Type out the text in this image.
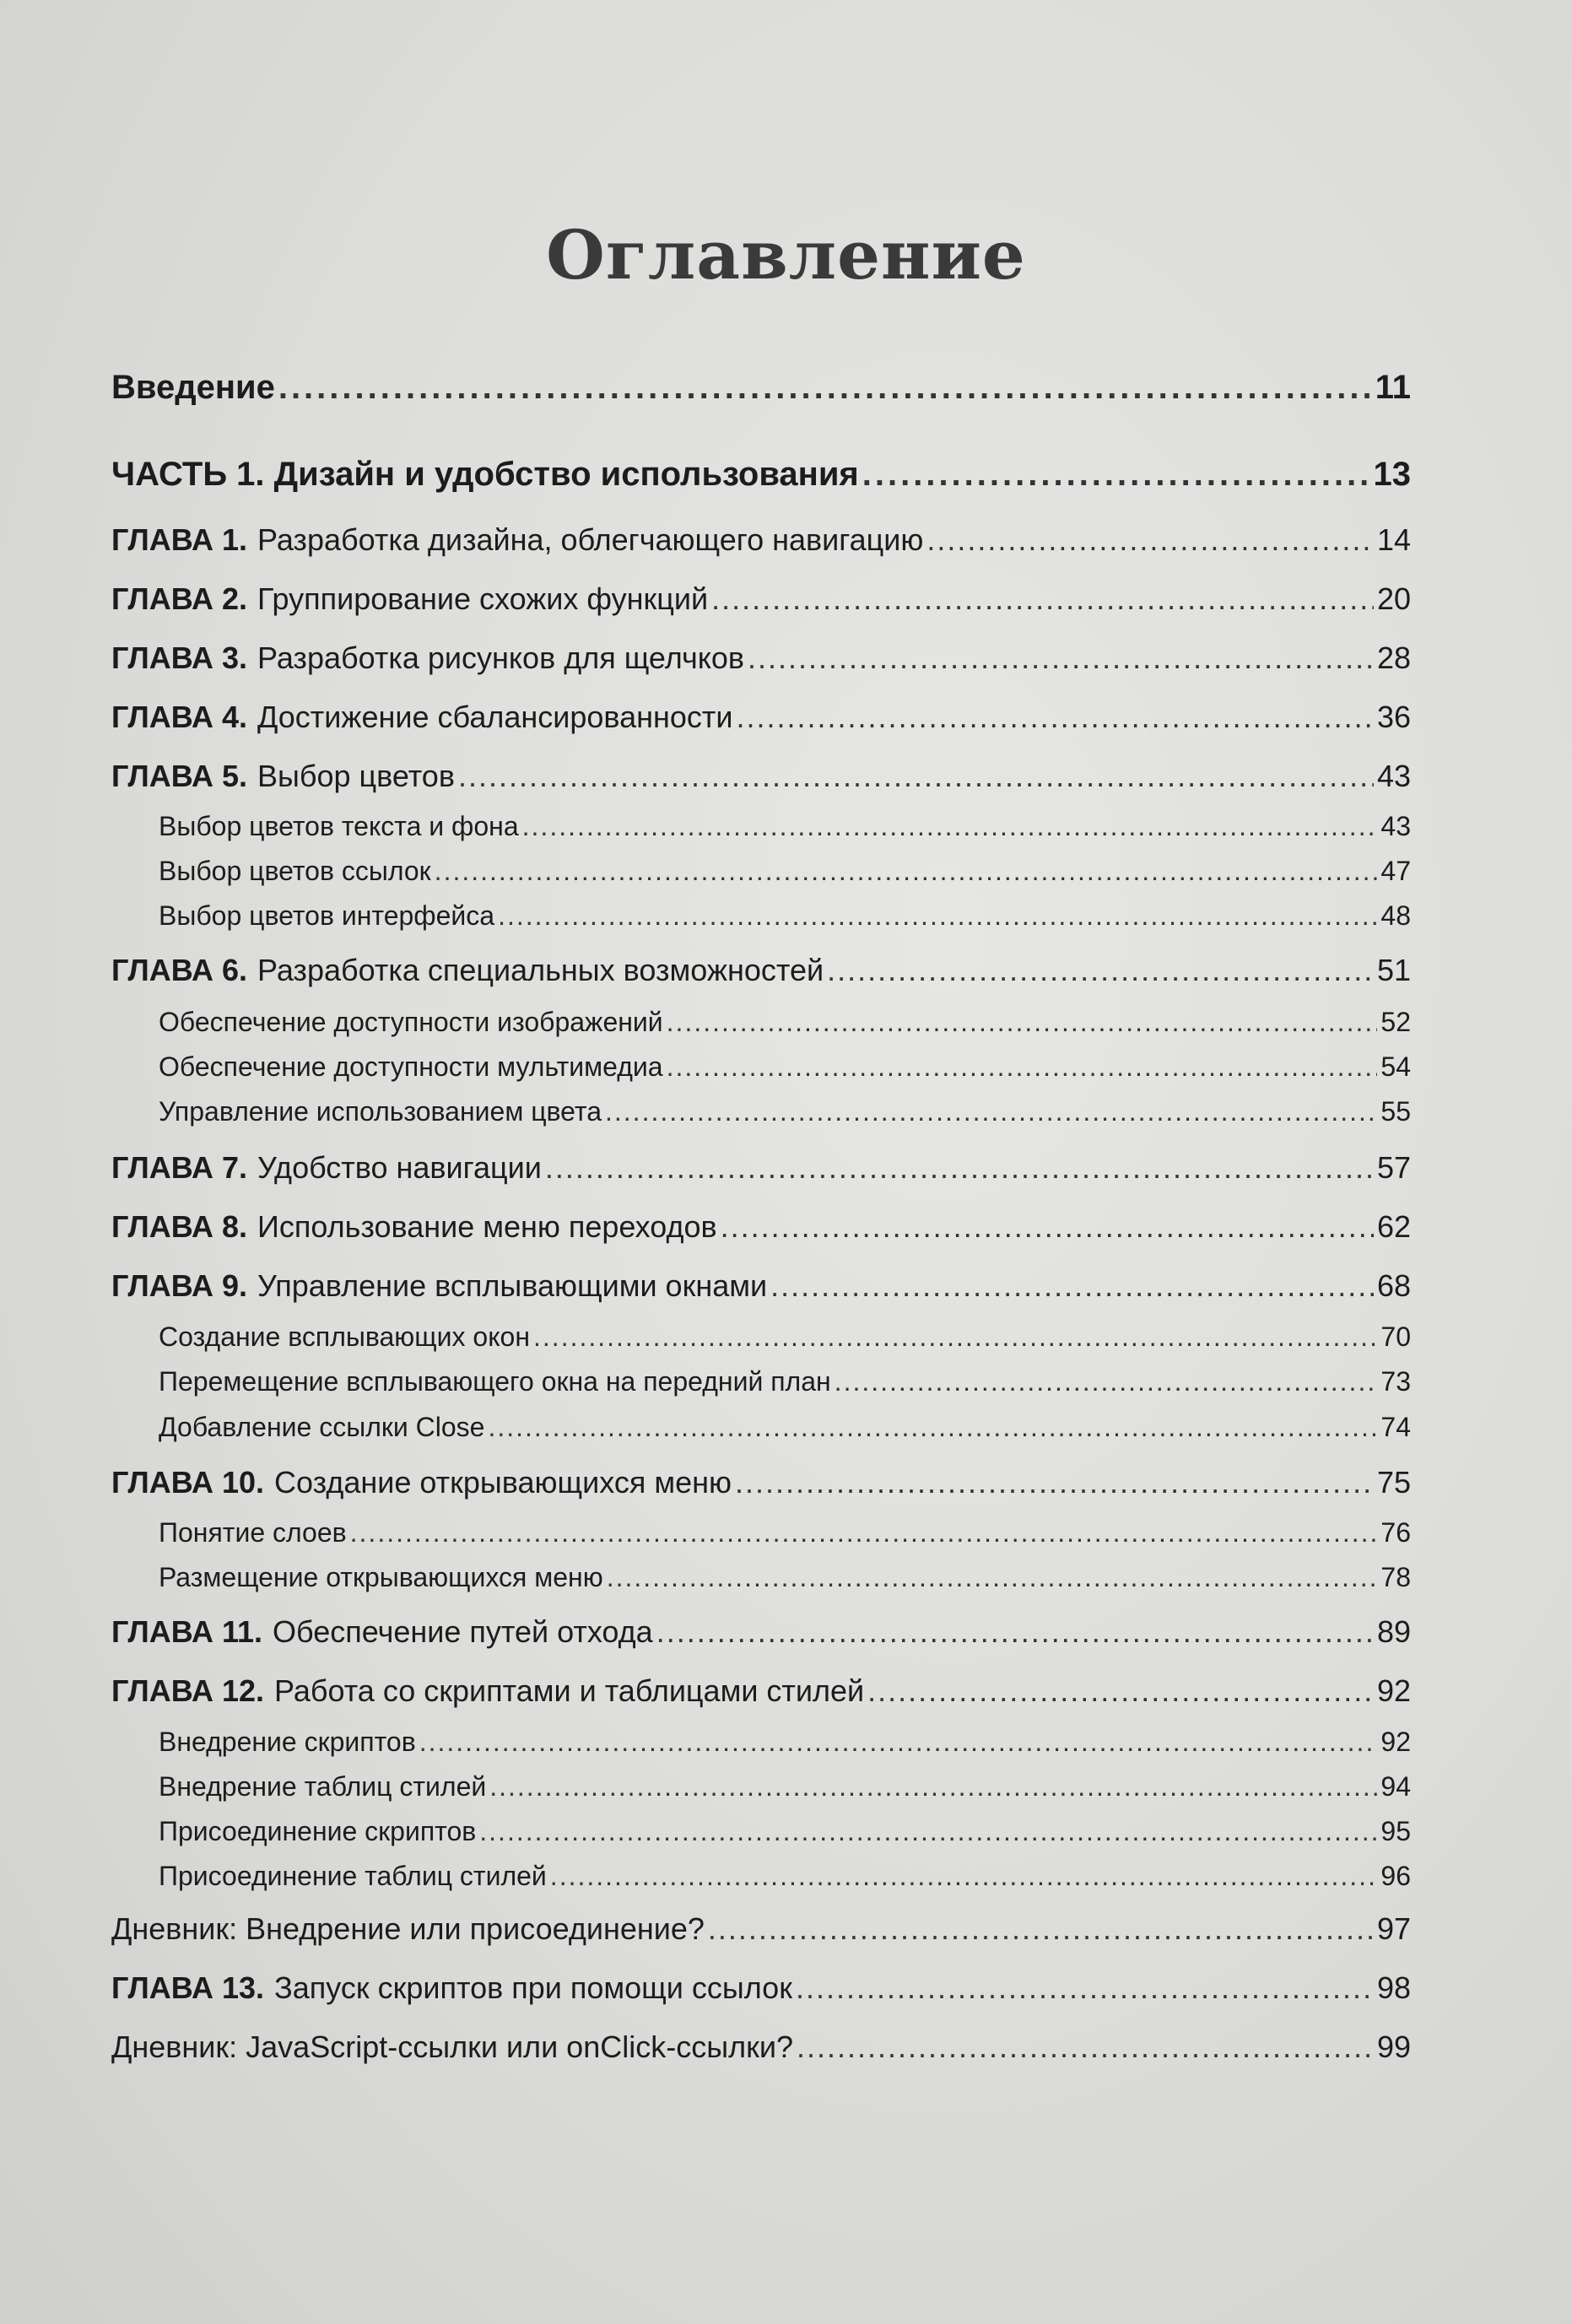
Оглавление
Введение .....	11
ЧАСТЬ 1. Дизайн и удобство использования .....	13
ГЛАВА 1. Разработка дизайна, облегчающего навигацию .....	14
ГЛАВА 2. Группирование схожих функций .....	20
ГЛАВА 3. Разработка рисунков для щелчков .....	28
ГЛАВА 4. Достижение сбалансированности .....	36
ГЛАВА 5. Выбор цветов .....	43
Выбор цветов текста и фона .....	43
Выбор цветов ссылок .....	47
Выбор цветов интерфейса .....	48
ГЛАВА 6. Разработка специальных возможностей .....	51
Обеспечение доступности изображений .....	52
Обеспечение доступности мультимедиа .....	54
Управление использованием цвета .....	55
ГЛАВА 7. Удобство навигации .....	57
ГЛАВА 8. Использование меню переходов .....	62
ГЛАВА 9. Управление всплывающими окнами .....	68
Создание всплывающих окон .....	70
Перемещение всплывающего окна на передний план .....	73
Добавление ссылки Close .....	74
ГЛАВА 10. Создание открывающихся меню .....	75
Понятие слоев .....	76
Размещение открывающихся меню .....	78
ГЛАВА 11. Обеспечение путей отхода .....	89
ГЛАВА 12. Работа со скриптами и таблицами стилей .....	92
Внедрение скриптов .....	92
Внедрение таблиц стилей .....	94
Присоединение скриптов .....	95
Присоединение таблиц стилей .....	96
Дневник: Внедрение или присоединение? .....	97
ГЛАВА 13. Запуск скриптов при помощи ссылок .....	98
Дневник: JavaScript-ссылки или onClick-ссылки? .....	99
